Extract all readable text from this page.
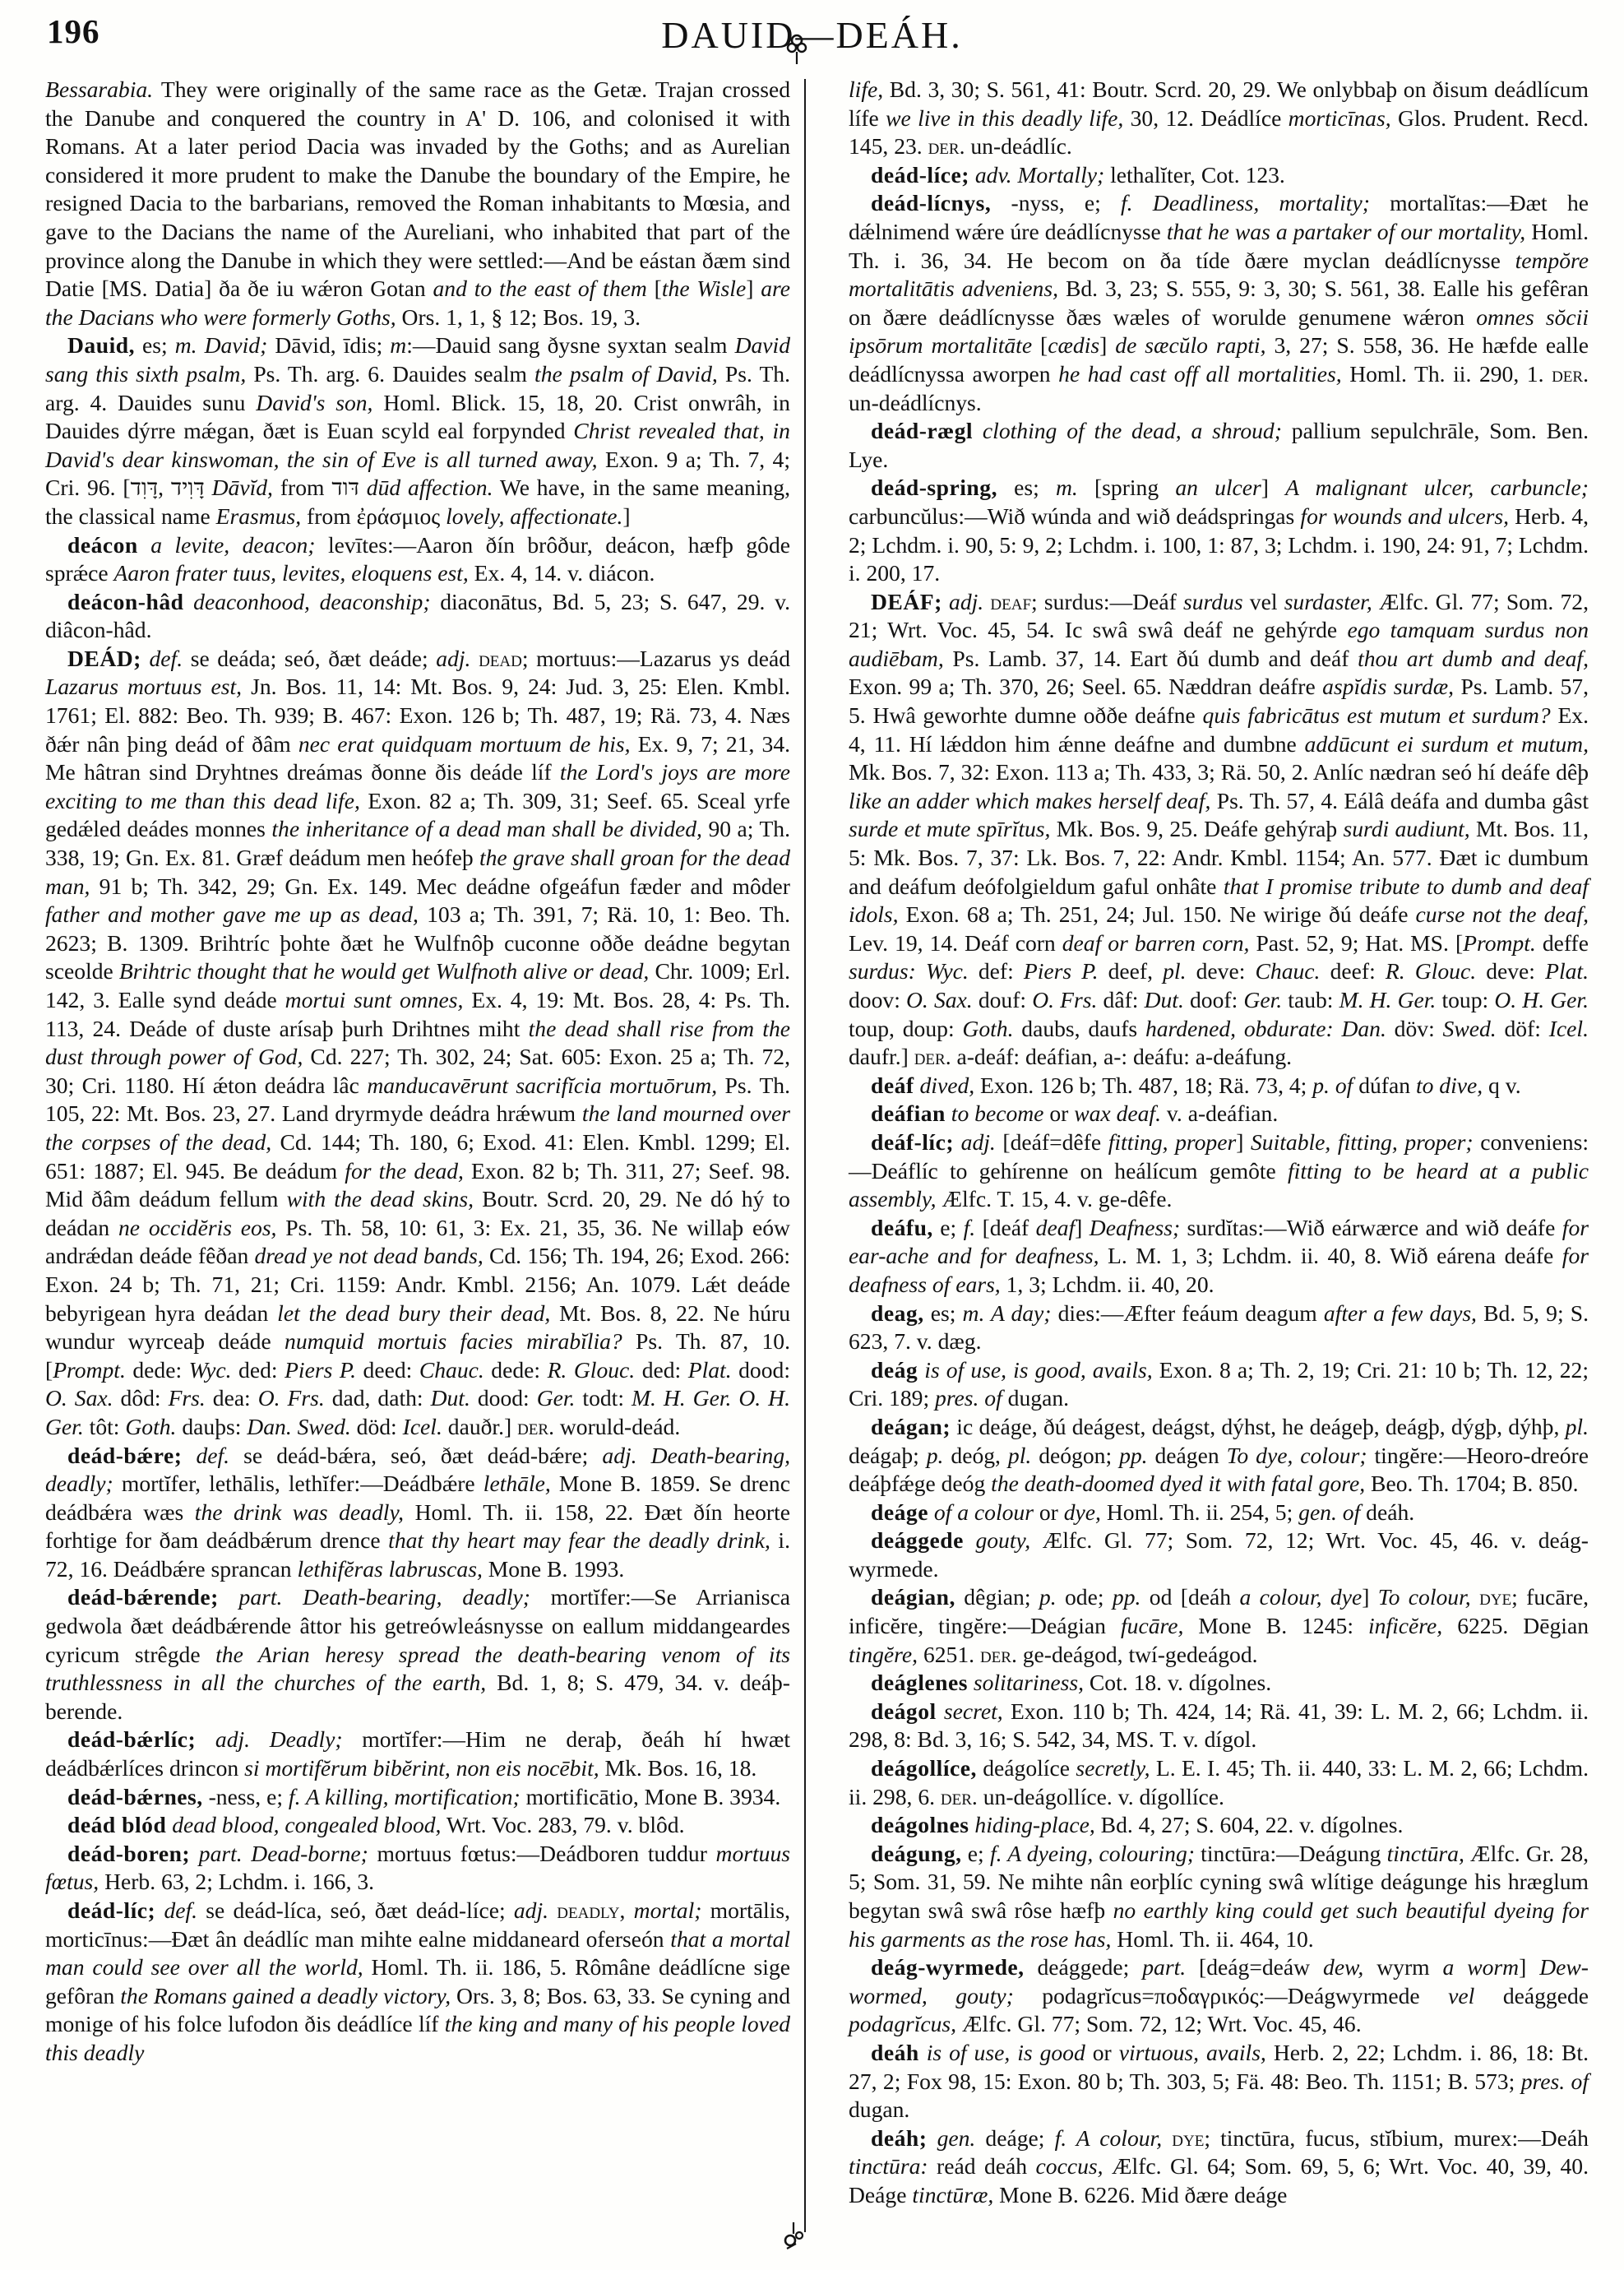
196	DAUID—DEÁH.

Bessarabia. They were originally of the same race as the Getæ. Trajan crossed the Danube and conquered the country in A' D. 106, and colonised it with Romans. At a later period Dacia was invaded by the Goths; and as Aurelian considered it more prudent to make the Danube the boundary of the Empire, he resigned Dacia to the barbarians, removed the Roman inhabitants to Mœsia, and gave to the Dacians the name of the Aureliani, who inhabited that part of the province along the Danube in which they were settled:—And be eástan ðæm sind Datie [MS. Datia] ða ðe iu wǽron Gotan and to the east of them [the Wisle] are the Dacians who were formerly Goths, Ors. 1, 1, § 12; Bos. 19, 3.

Dauid, es; m. David; Dāvid, īdis; m:—Dauid sang ðysne syxtan sealm David sang this sixth psalm, Ps. Th. arg. 6. Dauides sealm the psalm of David, Ps. Th. arg. 4. Dauides sunu David's son, Homl. Blick. 15, 18, 20. Crist onwrâh, in Dauides dýrre mǽgan, ðæt is Euan scyld eal forpynded Christ revealed that, in David's dear kinswoman, the sin of Eve is all turned away, Exon. 9 a; Th. 7, 4; Cri. 96. [דָּוִיד ,דָּוִד Dāvĭd, from דּוד dūd affection. We have, in the same meaning, the classical name Erasmus, from ἐράσμιος lovely, affectionate.]

deácon a levite, deacon; levītes:—Aaron ðín brôður, deácon, hæfþ gôde sprǽce Aaron frater tuus, levites, eloquens est, Ex. 4, 14. v. diácon.

deácon-hâd deaconhood, deaconship; diaconātus, Bd. 5, 23; S. 647, 29. v. diâcon-hâd.

DEÁD; def. se deáda; seó, ðæt deáde; adj. dead; mortuus:—Lazarus ys deád Lazarus mortuus est, Jn. Bos. 11, 14: Mt. Bos. 9, 24: Jud. 3, 25: Elen. Kmbl. 1761; El. 882: Beo. Th. 939; B. 467: Exon. 126 b; Th. 487, 19; Rä. 73, 4. Næs ðǽr nân þing deád of ðâm nec erat quidquam mortuum de his, Ex. 9, 7; 21, 34. Me hâtran sind Dryhtnes dreámas ðonne ðis deáde líf the Lord's joys are more exciting to me than this dead life, Exon. 82 a; Th. 309, 31; Seef. 65. Sceal yrfe gedǽled deádes monnes the inheritance of a dead man shall be divided, 90 a; Th. 338, 19; Gn. Ex. 81. Græf deádum men heófeþ the grave shall groan for the dead man, 91 b; Th. 342, 29; Gn. Ex. 149. Mec deádne ofgeáfun fæder and môder father and mother gave me up as dead, 103 a; Th. 391, 7; Rä. 10, 1: Beo. Th. 2623; B. 1309. Brihtríc þohte ðæt he Wulfnôþ cuconne oððe deádne begytan sceolde Brihtric thought that he would get Wulfnoth alive or dead, Chr. 1009; Erl. 142, 3. Ealle synd deáde mortui sunt omnes, Ex. 4, 19: Mt. Bos. 28, 4: Ps. Th. 113, 24. Deáde of duste arísaþ þurh Drihtnes miht the dead shall rise from the dust through power of God, Cd. 227; Th. 302, 24; Sat. 605: Exon. 25 a; Th. 72, 30; Cri. 1180. Hí ǽton deádra lâc manducavērunt sacrifĭcia mortuōrum, Ps. Th. 105, 22: Mt. Bos. 23, 27. Land dryrmyde deádra hrǽwum the land mourned over the corpses of the dead, Cd. 144; Th. 180, 6; Exod. 41: Elen. Kmbl. 1299; El. 651: 1887; El. 945. Be deádum for the dead, Exon. 82 b; Th. 311, 27; Seef. 98. Mid ðâm deádum fellum with the dead skins, Boutr. Scrd. 20, 29. Ne dó hý to deádan ne occidĕris eos, Ps. Th. 58, 10: 61, 3: Ex. 21, 35, 36. Ne willaþ eów andrǽdan deáde fêðan dread ye not dead bands, Cd. 156; Th. 194, 26; Exod. 266: Exon. 24 b; Th. 71, 21; Cri. 1159: Andr. Kmbl. 2156; An. 1079. Lǽt deáde bebyrigean hyra deádan let the dead bury their dead, Mt. Bos. 8, 22. Ne húru wundur wyrceaþ deáde numquid mortuis facies mirabĭlia? Ps. Th. 87, 10. [Prompt. dede: Wyc. ded: Piers P. deed: Chauc. dede: R. Glouc. ded: Plat. dood: O. Sax. dôd: Frs. dea: O. Frs. dad, dath: Dut. dood: Ger. todt: M. H. Ger. O. H. Ger. tôt: Goth. dauþs: Dan. Swed. död: Icel. dauðr.] der. woruld-deád.

deád-bǽre; def. se deád-bǽra, seó, ðæt deád-bǽre; adj. Death-bearing, deadly; mortĭfer, lethālis, lethĭfer:—Deádbǽre lethāle, Mone B. 1859. Se drenc deádbǽra wæs the drink was deadly, Homl. Th. ii. 158, 22. Ðæt ðín heorte forhtige for ðam deádbǽrum drence that thy heart may fear the deadly drink, i. 72, 16. Deádbǽre sprancan lethifĕras labruscas, Mone B. 1993.

deád-bǽrende; part. Death-bearing, deadly; mortĭfer:—Se Arrianisca gedwola ðæt deádbǽrende âttor his getreówleásnysse on eallum middangeardes cyricum strêgde the Arian heresy spread the death-bearing venom of its truthlessness in all the churches of the earth, Bd. 1, 8; S. 479, 34. v. deáþ-berende.

deád-bǽrlíc; adj. Deadly; mortĭfer:—Him ne deraþ, ðeáh hí hwæt deádbǽrlíces drincon si mortifĕrum bibĕrint, non eis nocēbit, Mk. Bos. 16, 18.

deád-bǽrnes, -ness, e; f. A killing, mortification; mortificātio, Mone B. 3934.

deád blód dead blood, congealed blood, Wrt. Voc. 283, 79. v. blôd.

deád-boren; part. Dead-borne; mortuus fœtus:—Deádboren tuddur mortuus fœtus, Herb. 63, 2; Lchdm. i. 166, 3.

deád-líc; def. se deád-líca, seó, ðæt deád-líce; adj. deadly, mortal; mortālis, morticīnus:—Ðæt ân deádlíc man mihte ealne middaneard oferseón that a mortal man could see over all the world, Homl. Th. ii. 186, 5. Rômâne deádlícne sige gefôran the Romans gained a deadly victory, Ors. 3, 8; Bos. 63, 33. Se cyning and monige of his folce lufodon ðis deádlíce líf the king and many of his people loved this deadly

life, Bd. 3, 30; S. 561, 41: Boutr. Scrd. 20, 29. We onlybbaþ on ðisum deádlícum lífe we live in this deadly life, 30, 12. Deádlíce morticīnas, Glos. Prudent. Recd. 145, 23. der. un-deádlíc.

deád-líce; adv. Mortally; lethalĭter, Cot. 123.

deád-lícnys, -nyss, e; f. Deadliness, mortality; mortalĭtas:—Ðæt he dǽlnimend wǽre úre deádlícnysse that he was a partaker of our mortality, Homl. Th. i. 36, 34. He becom on ða tíde ðære myclan deádlícnysse tempŏre mortalitātis adveniens, Bd. 3, 23; S. 555, 9: 3, 30; S. 561, 38. Ealle his gefêran on ðære deádlícnysse ðæs wæles of worulde genumene wǽron omnes sŏcii ipsōrum mortalitāte [cædis] de sæcŭlo rapti, 3, 27; S. 558, 36. He hæfde ealle deádlícnyssa aworpen he had cast off all mortalities, Homl. Th. ii. 290, 1. der. un-deádlícnys.

deád-rægl clothing of the dead, a shroud; pallium sepulchrāle, Som. Ben. Lye.

deád-spring, es; m. [spring an ulcer] A malignant ulcer, carbuncle; carbuncŭlus:—Wið wúnda and wið deádspringas for wounds and ulcers, Herb. 4, 2; Lchdm. i. 90, 5: 9, 2; Lchdm. i. 100, 1: 87, 3; Lchdm. i. 190, 24: 91, 7; Lchdm. i. 200, 17.

DEÁF; adj. deaf; surdus:—Deáf surdus vel surdaster, Ælfc. Gl. 77; Som. 72, 21; Wrt. Voc. 45, 54. Ic swâ swâ deáf ne gehýrde ego tamquam surdus non audiēbam, Ps. Lamb. 37, 14. Eart ðú dumb and deáf thou art dumb and deaf, Exon. 99 a; Th. 370, 26; Seel. 65. Næddran deáfre aspĭdis surdæ, Ps. Lamb. 57, 5. Hwâ geworhte dumne oððe deáfne quis fabricātus est mutum et surdum? Ex. 4, 11. Hí lǽddon him ǽnne deáfne and dumbne addūcunt ei surdum et mutum, Mk. Bos. 7, 32: Exon. 113 a; Th. 433, 3; Rä. 50, 2. Anlíc nædran seó hí deáfe dêþ like an adder which makes herself deaf, Ps. Th. 57, 4. Eálâ deáfa and dumba gâst surde et mute spīrĭtus, Mk. Bos. 9, 25. Deáfe gehýraþ surdi audiunt, Mt. Bos. 11, 5: Mk. Bos. 7, 37: Lk. Bos. 7, 22: Andr. Kmbl. 1154; An. 577. Ðæt ic dumbum and deáfum deófolgieldum gaful onhâte that I promise tribute to dumb and deaf idols, Exon. 68 a; Th. 251, 24; Jul. 150. Ne wirige ðú deáfe curse not the deaf, Lev. 19, 14. Deáf corn deaf or barren corn, Past. 52, 9; Hat. MS. [Prompt. deffe surdus: Wyc. def: Piers P. deef, pl. deve: Chauc. deef: R. Glouc. deve: Plat. doov: O. Sax. douf: O. Frs. dâf: Dut. doof: Ger. taub: M. H. Ger. toup: O. H. Ger. toup, doup: Goth. daubs, daufs hardened, obdurate: Dan. döv: Swed. döf: Icel. daufr.] der. a-deáf: deáfian, a-: deáfu: a-deáfung.

deáf dived, Exon. 126 b; Th. 487, 18; Rä. 73, 4; p. of dúfan to dive, q v.

deáfian to become or wax deaf. v. a-deáfian.

deáf-líc; adj. [deáf=dêfe fitting, proper] Suitable, fitting, proper; conveniens:—Deáflíc to gehírenne on heálícum gemôte fitting to be heard at a public assembly, Ælfc. T. 15, 4. v. ge-dêfe.

deáfu, e; f. [deáf deaf] Deafness; surdĭtas:—Wið eárwærce and wið deáfe for ear-ache and for deafness, L. M. 1, 3; Lchdm. ii. 40, 8. Wið eárena deáfe for deafness of ears, 1, 3; Lchdm. ii. 40, 20.

deag, es; m. A day; dies:—Æfter feáum deagum after a few days, Bd. 5, 9; S. 623, 7. v. dæg.

deág is of use, is good, avails, Exon. 8 a; Th. 2, 19; Cri. 21: 10 b; Th. 12, 22; Cri. 189; pres. of dugan.

deágan; ic deáge, ðú deágest, deágst, dýhst, he deágeþ, deágþ, dýgþ, dýhþ, pl. deágaþ; p. deóg, pl. deógon; pp. deágen To dye, colour; tingĕre:—Heoro-dreóre deáþfǽge deóg the death-doomed dyed it with fatal gore, Beo. Th. 1704; B. 850.

deáge of a colour or dye, Homl. Th. ii. 254, 5; gen. of deáh.

deággede gouty, Ælfc. Gl. 77; Som. 72, 12; Wrt. Voc. 45, 46. v. deág-wyrmede.

deágian, dêgian; p. ode; pp. od [deáh a colour, dye] To colour, dye; fucāre, inficĕre, tingĕre:—Deágian fucāre, Mone B. 1245: inficĕre, 6225. Dēgian tingĕre, 6251. der. ge-deágod, twí-gedeágod.

deáglenes solitariness, Cot. 18. v. dígolnes.

deágol secret, Exon. 110 b; Th. 424, 14; Rä. 41, 39: L. M. 2, 66; Lchdm. ii. 298, 8: Bd. 3, 16; S. 542, 34, MS. T. v. dígol.

deágollíce, deágolíce secretly, L. E. I. 45; Th. ii. 440, 33: L. M. 2, 66; Lchdm. ii. 298, 6. der. un-deágollíce. v. dígollíce.

deágolnes hiding-place, Bd. 4, 27; S. 604, 22. v. dígolnes.

deágung, e; f. A dyeing, colouring; tinctūra:—Deágung tinctūra, Ælfc. Gr. 28, 5; Som. 31, 59. Ne mihte nân eorþlíc cyning swâ wlítige deágunge his hræglum begytan swâ swâ rôse hæfþ no earthly king could get such beautiful dyeing for his garments as the rose has, Homl. Th. ii. 464, 10.

deág-wyrmede, deággede; part. [deág=deáw dew, wyrm a worm] Dew-wormed, gouty; podagrĭcus=ποδαγρικός:—Deágwyrmede vel deággede podagrĭcus, Ælfc. Gl. 77; Som. 72, 12; Wrt. Voc. 45, 46.

deáh is of use, is good or virtuous, avails, Herb. 2, 22; Lchdm. i. 86, 18: Bt. 27, 2; Fox 98, 15: Exon. 80 b; Th. 303, 5; Fä. 48: Beo. Th. 1151; B. 573; pres. of dugan.

deáh; gen. deáge; f. A colour, dye; tinctūra, fucus, stĭbium, murex:—Deáh tinctūra: reád deáh coccus, Ælfc. Gl. 64; Som. 69, 5, 6; Wrt. Voc. 40, 39, 40. Deáge tinctūræ, Mone B. 6226. Mid ðære deáge
